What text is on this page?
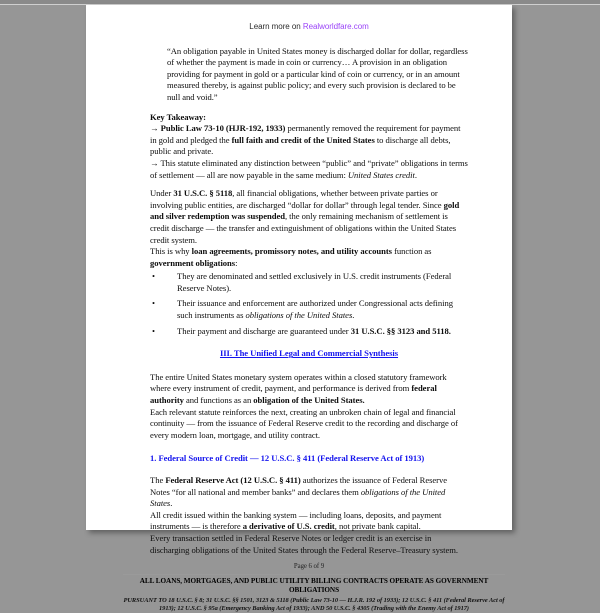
Learn more on Realworldfare.com
“An obligation payable in United States money is discharged dollar for dollar, regardless of whether the payment is made in coin or currency… A provision in an obligation providing for payment in gold or a particular kind of coin or currency, or in an amount measured thereby, is against public policy; and every such provision is declared to be null and void.”

Key Takeaway:

→ Public Law 73-10 (HJR-192, 1933) permanently removed the requirement for payment in gold and pledged the full faith and credit of the United States to discharge all debts, public and private.

→ This statute eliminated any distinction between “public” and “private” obligations in terms of settlement — all are now payable in the same medium: United States credit.

Under 31 U.S.C. § 5118, all financial obligations, whether between private parties or involving public entities, are discharged “dollar for dollar” through legal tender. Since gold and silver redemption was suspended, the only remaining mechanism of settlement is credit discharge — the transfer and extinguishment of obligations within the United States credit system.

This is why loan agreements, promissory notes, and utility accounts function as government obligations:

•	They are denominated and settled exclusively in U.S. credit instruments (Federal Reserve Notes).
•	Their issuance and enforcement are authorized under Congressional acts defining such instruments as obligations of the United States.
•	Their payment and discharge are guaranteed under 31 U.S.C. §§ 3123 and 5118.
III. The Unified Legal and Commercial Synthesis

The entire United States monetary system operates within a closed statutory framework where every instrument of credit, payment, and performance is derived from federal authority and functions as an obligation of the United States.

Each relevant statute reinforces the next, creating an unbroken chain of legal and financial continuity — from the issuance of Federal Reserve credit to the recording and discharge of every modern loan, mortgage, and utility contract.

1. Federal Source of Credit — 12 U.S.C. § 411 (Federal Reserve Act of 1913)

The Federal Reserve Act (12 U.S.C. § 411) authorizes the issuance of Federal Reserve Notes “for all national and member banks” and declares them obligations of the United States.

All credit issued within the banking system — including loans, deposits, and payment instruments — is therefore a derivative of U.S. credit, not private bank capital.

Every transaction settled in Federal Reserve Notes or ledger credit is an exercise in discharging obligations of the United States through the Federal Reserve–Treasury system.

Page 6 of 9
ALL LOANS, MORTGAGES, AND PUBLIC UTILITY BILLING CONTRACTS OPERATE AS GOVERNMENT OBLIGATIONS
PURSUANT TO 18 U.S.C. § 8; 31 U.S.C. §§ 1501, 3123 & 5118 (Public Law 73-10 — H.J.R. 192 of 1933); 12 U.S.C. § 411 (Federal Reserve Act of 1913); 12 U.S.C. § 95a (Emergency Banking Act of 1933); AND 50 U.S.C. § 4305 (Trading with the Enemy Act of 1917)
